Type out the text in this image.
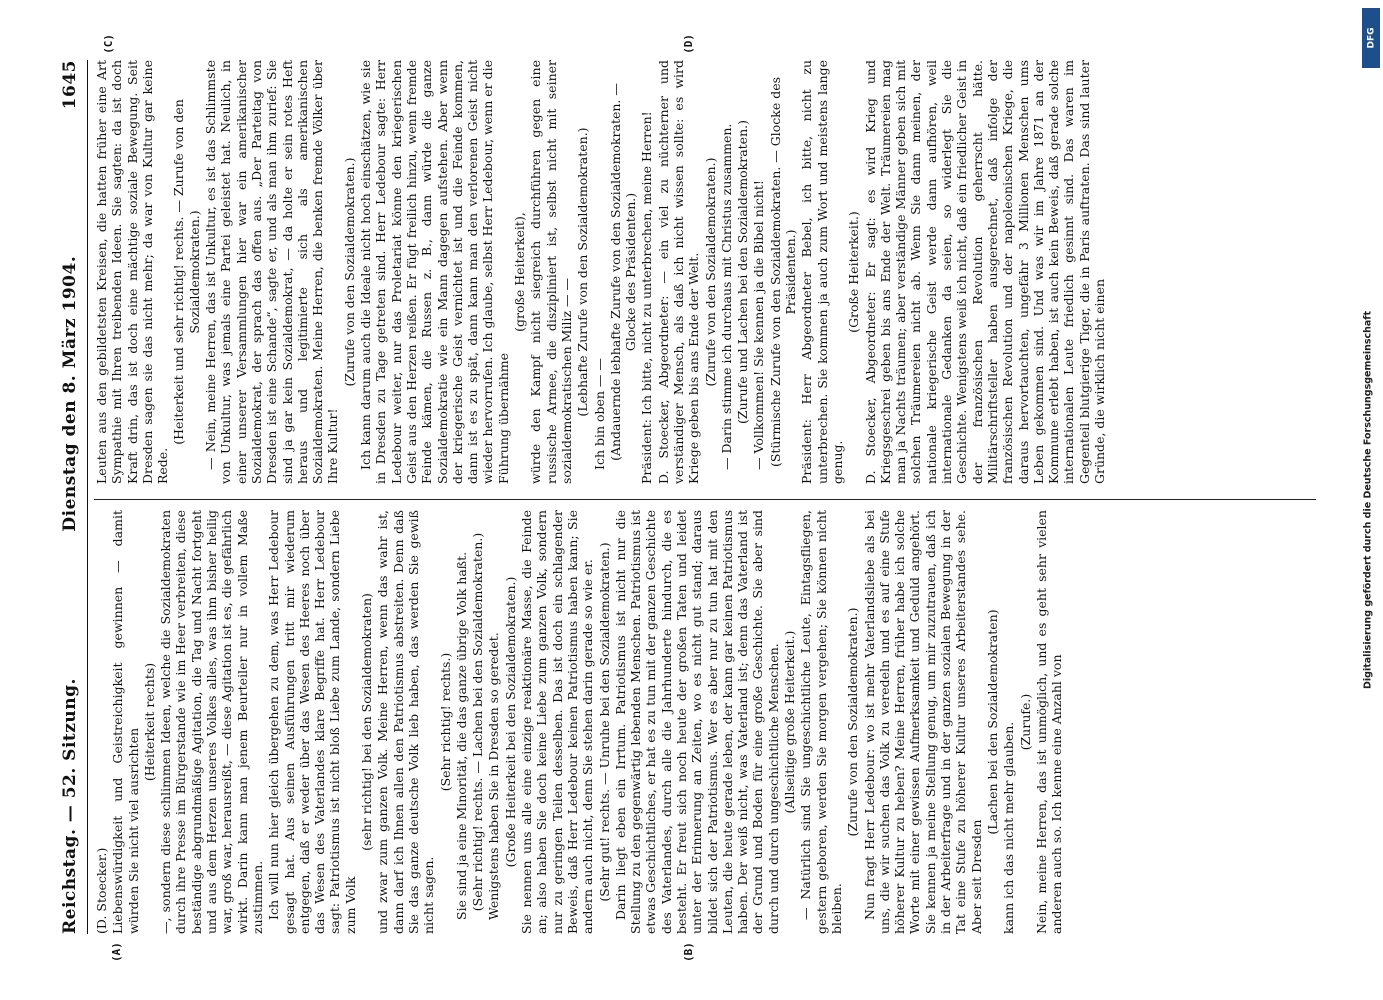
Reichstag. — 52. Sitzung.
Dienstag den 8. März 1904.
1645
(A)	(B)
(C)	(D)

(D. Stoecker.) Liebenswürdigkeit und Geistreichigkeit gewinnen — damit würden Sie nicht viel ausrichten

(Heiterkeit rechts) —, sondern diese schlimmen Ideen, welche die Sozialdemokraten durch ihre Presse im Bürgerstande wie im Heer verbreiten, diese beständige abgrundmäßige Agitation, die Tag und Nacht fortgeht und aus dem Herzen unseres Volkes alles, was ihm bisher heilig war, groß war, herausreißt, — diese Agitation ist es, die gefährlich wirkt. Darin kann man jenem Beurteiler nur in vollem Maße zustimmen. Ich will nun hier gleich übergehen zu dem, was Herr Ledebour gesagt hat. Aus seinen Ausführungen tritt mir wiederum entgegen, daß er weder über das Wesen des Heeres noch über das Wesen des Vaterlandes klare Begriffe hat. Herr Ledebour sagt: Patriotismus ist nicht bloß Liebe zum Lande, sondern Liebe zum Volk

(sehr richtig! bei den Sozialdemokraten) und zwar zum ganzen Volk. Meine Herren, wenn das wahr ist, dann darf ich Ihnen allen den Patriotismus abstreiten. Denn daß Sie das ganze deutsche Volk lieb haben, das werden Sie gewiß nicht sagen.

(Sehr richtig! rechts.) Sie sind ja eine Minorität, die das ganze übrige Volk haßt. (Sehr richtig! rechts. — Lachen bei den Sozialdemokraten.) Wenigstens haben Sie in Dresden so geredet. (Große Heiterkeit bei den Sozialdemokraten.) Sie nennen uns alle eine einzige reaktionäre Masse, die Feinde an; also haben Sie doch keine Liebe zum ganzen Volk, sondern nur zu geringen Teilen desselben. Das ist doch ein schlagender Beweis, daß Herr Ledebour keinen Patriotismus haben kann; Sie andern auch nicht, denn Sie stehen darin gerade so wie er. (Sehr gut! rechts. — Unruhe bei den Sozialdemokraten.) Darin liegt eben ein Irrtum. Patriotismus ist nicht nur die Stellung zu den gegenwärtig lebenden Menschen. Patriotismus ist etwas Geschichtliches, er hat es zu tun mit der ganzen Geschichte des Vaterlandes, durch alle die Jahrhunderte hindurch, die es besteht. Er freut sich noch heute der großen Taten und leidet unter der Erinnerung an Zeiten, wo es nicht gut stand; daraus bildet sich der Patriotismus. Wer es aber nur zu tun hat mit den Leuten, die heute gerade leben, der kann gar keinen Patriotismus haben. Der weiß nicht, was Vaterland ist; denn das Vaterland ist der Grund und Boden für eine große Geschichte. Sie aber sind durch und durch ungeschichtliche Menschen. (Allseitige große Heiterkeit.) — Natürlich sind Sie ungeschichtliche Leute, Eintagsfliegen, gestern geboren, werden Sie morgen vergehen; Sie können nicht bleiben.

(Zurufe von den Sozialdemokraten.) Nun fragt Herr Ledebour: wo ist mehr Vaterlandsliebe als bei uns, die wir suchen das Volk zu veredeln und es auf eine Stufe höherer Kultur zu heben? Meine Herren, früher habe ich solche Worte mit einer gewissen Aufmerksamkeit und Geduld angehört. Sie kennen ja meine Stellung genug, um mir zuzutrauen, daß ich in der Arbeiterfrage und in der ganzen sozialen Bewegung in der Tat eine Stufe zu höherer Kultur unseres Arbeiterstandes sehe. Aber seit Dresden

(Lachen bei den Sozialdemokraten) kann ich das nicht mehr glauben. (Zurufe.) Nein, meine Herren, das ist unmöglich, und es geht sehr vielen anderen auch so. Ich kenne eine Anzahl von

Leuten aus den gebildetsten Kreisen, die hatten früher eine Art Sympathie mit Ihren treibenden Ideen. Sie sagten: da ist doch Kraft drin, das ist doch eine mächtige soziale Bewegung. Seit Dresden sagen sie das nicht mehr; da war von Kultur gar keine Rede.

(Heiterkeit und sehr richtig! rechts. — Zurufe von den Sozialdemokraten.) — Nein, meine Herren, das ist Unkultur, es ist das Schlimmste von Unkultur, was jemals eine Partei geleistet hat. Neulich, in einer unserer Versammlungen hier war ein amerikanischer Sozialdemokrat, der sprach das offen aus. „Der Parteitag von Dresden ist eine Schande“, sagte er, und als man ihm zurief: Sie sind ja gar kein Sozialdemokrat, — da holte er sein rotes Heft heraus und legitimierte sich als amerikanischen Sozialdemokraten. Meine Herren, die benken fremde Völker über Ihre Kultur!

(Zurufe von den Sozialdemokraten.) Ich kann darum auch die Ideale nicht hoch einschätzen, wie sie in Dresden zu Tage getreten sind. Herr Ledebour sagte: Herr Ledebour weiter, nur das Proletariat könne den kriegerischen Geist aus den Herzen reißen. Er fügt freilich hinzu, wenn fremde Feinde kämen, die Russen z. B., dann würde die ganze Sozialdemokratie wie ein Mann dagegen aufstehen. Aber wenn der kriegerische Geist vernichtet ist und die Feinde kommen, dann ist es zu spät, dann kann man den verlorenen Geist nicht wieder hervorrufen. Ich glaube, selbst Herr Ledebour, wenn er die Führung übernähme

(große Heiterkeit), würde den Kampf nicht siegreich durchführen gegen eine russische Armee, die diszipliniert ist, selbst nicht mit seiner sozialdemokratischen Miliz — — (Lebhafte Zurufe von den Sozialdemokraten.) Ich bin oben — — (Andauernde lebhafte Zurufe von den Sozialdemokraten. — Glocke des Präsidenten.) Präsident: Ich bitte, nicht zu unterbrechen, meine Herren! D. Stoecker, Abgeordneter: — ein viel zu nüchterner und verständiger Mensch, als daß ich nicht wissen sollte: es wird Kriege geben bis ans Ende der Welt. (Zurufe von den Sozialdemokraten.) — Darin stimme ich durchaus mit Christus zusammen. (Zurufe und Lachen bei den Sozialdemokraten.) — Vollkommen! Sie kennen ja die Bibel nicht! (Stürmische Zurufe von den Sozialdemokraten. — Glocke des Präsidenten.) Präsident: Herr Abgeordneter Bebel, ich bitte, nicht zu unterbrechen. Sie kommen ja auch zum Wort und meistens lange genug.

(Große Heiterkeit.) D. Stoecker, Abgeordneter: Er sagt: es wird Krieg und Kriegsgeschrei geben bis ans Ende der Welt. Träumereien mag man ja Nachts träumen; aber verständige Männer geben sich mit solchen Träumereien nicht ab. Wenn Sie dann meinen, der nationale kriegerische Geist werde dann aufhören, weil internationale Gedanken da seien, so widerlegt Sie die Geschichte. Wenigstens weiß ich nicht, daß ein friedlicher Geist in der französischen Revolution geherrscht hätte. Militärschriftsteller haben ausgerechnet, daß infolge der französischen Revolution und der napoleonischen Kriege, die daraus hervortauchten, ungefähr 3 Millionen Menschen ums Leben gekommen sind. Und was wir im Jahre 1871 an der Kommune erlebt haben, ist auch kein Beweis, daß gerade solche internationalen Leute friedlich gesinnt sind. Das waren im Gegenteil blutgierige Tiger, die in Paris auftraten. Das sind lauter Gründe, die wirklich nicht einen

DFG
Digitalisierung gefördert durch die Deutsche Forschungsgemeinschaft
